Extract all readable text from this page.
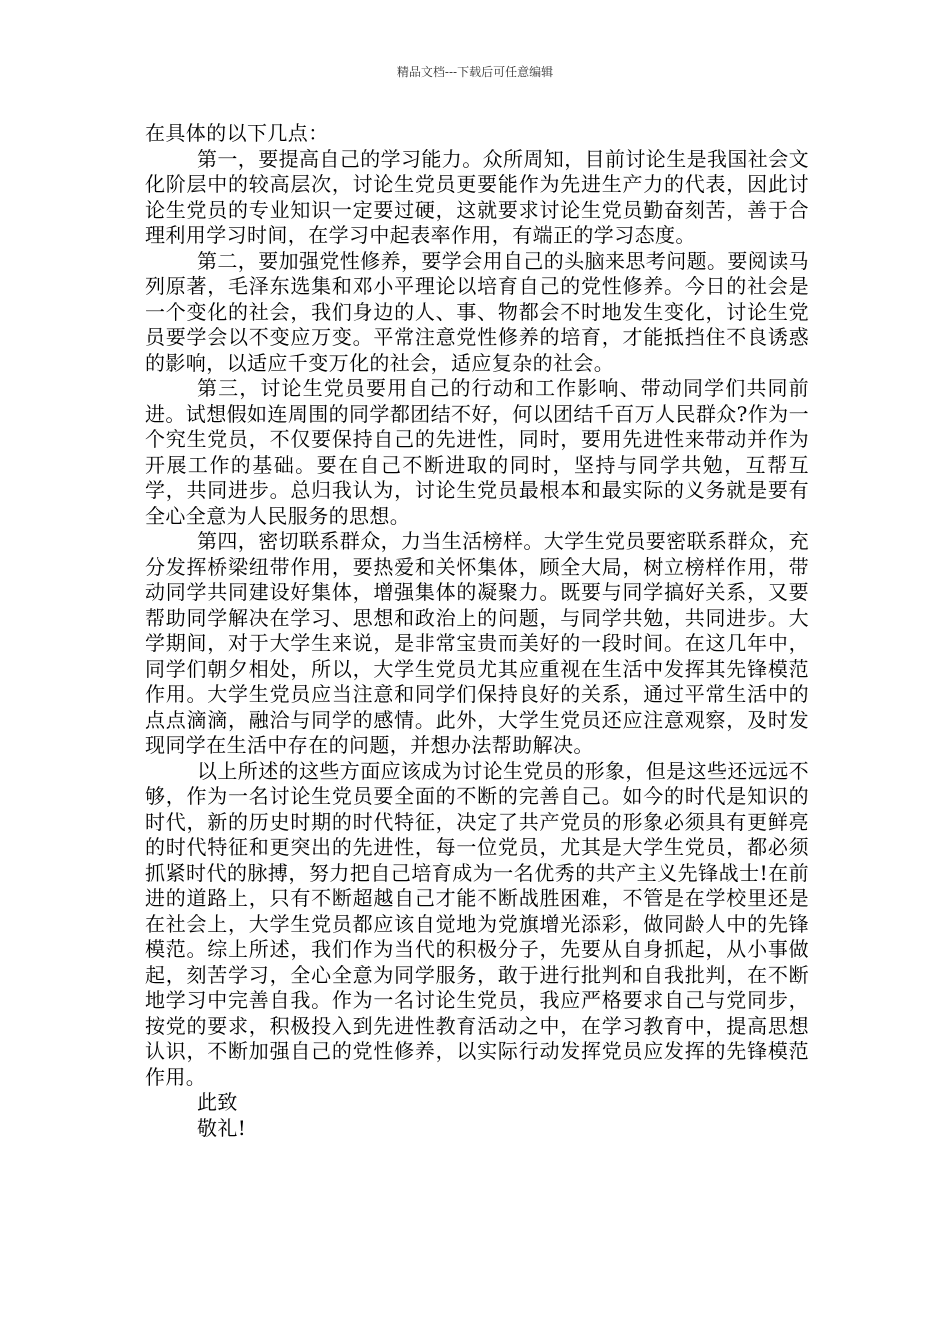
精品文档---下载后可任意编辑

在具体的以下几点：

第一，要提高自己的学习能力。众所周知，目前讨论生是我国社会文化阶层中的较高层次，讨论生党员更要能作为先进生产力的代表，因此讨论生党员的专业知识一定要过硬，这就要求讨论生党员勤奋刻苦，善于合理利用学习时间，在学习中起表率作用，有端正的学习态度。

第二，要加强党性修养，要学会用自己的头脑来思考问题。要阅读马列原著，毛泽东选集和邓小平理论以培育自己的党性修养。今日的社会是一个变化的社会，我们身边的人、事、物都会不时地发生变化，讨论生党员要学会以不变应万变。平常注意党性修养的培育，才能抵挡住不良诱惑的影响，以适应千变万化的社会，适应复杂的社会。

第三，讨论生党员要用自己的行动和工作影响、带动同学们共同前进。试想假如连周围的同学都团结不好，何以团结千百万人民群众?作为一个究生党员，不仅要保持自己的先进性，同时，要用先进性来带动并作为开展工作的基础。要在自己不断进取的同时，坚持与同学共勉，互帮互学，共同进步。总归我认为，讨论生党员最根本和最实际的义务就是要有全心全意为人民服务的思想。

第四，密切联系群众，力当生活榜样。大学生党员要密联系群众，充分发挥桥梁纽带作用，要热爱和关怀集体，顾全大局，树立榜样作用，带动同学共同建设好集体，增强集体的凝聚力。既要与同学搞好关系，又要帮助同学解决在学习、思想和政治上的问题，与同学共勉，共同进步。大学期间，对于大学生来说，是非常宝贵而美好的一段时间。在这几年中，同学们朝夕相处，所以，大学生党员尤其应重视在生活中发挥其先锋模范作用。大学生党员应当注意和同学们保持良好的关系，通过平常生活中的点点滴滴，融洽与同学的感情。此外，大学生党员还应注意观察，及时发现同学在生活中存在的问题，并想办法帮助解决。

以上所述的这些方面应该成为讨论生党员的形象，但是这些还远远不够，作为一名讨论生党员要全面的不断的完善自己。如今的时代是知识的时代，新的历史时期的时代特征，决定了共产党员的形象必须具有更鲜亮的时代特征和更突出的先进性，每一位党员，尤其是大学生党员，都必须抓紧时代的脉搏，努力把自己培育成为一名优秀的共产主义先锋战士!在前进的道路上，只有不断超越自己才能不断战胜困难，不管是在学校里还是在社会上，大学生党员都应该自觉地为党旗增光添彩，做同龄人中的先锋模范。综上所述，我们作为当代的积极分子，先要从自身抓起，从小事做起，刻苦学习，全心全意为同学服务，敢于进行批判和自我批判，在不断地学习中完善自我。作为一名讨论生党员，我应严格要求自己与党同步，按党的要求，积极投入到先进性教育活动之中，在学习教育中，提高思想认识，不断加强自己的党性修养，以实际行动发挥党员应发挥的先锋模范作用。

此致

敬礼!
